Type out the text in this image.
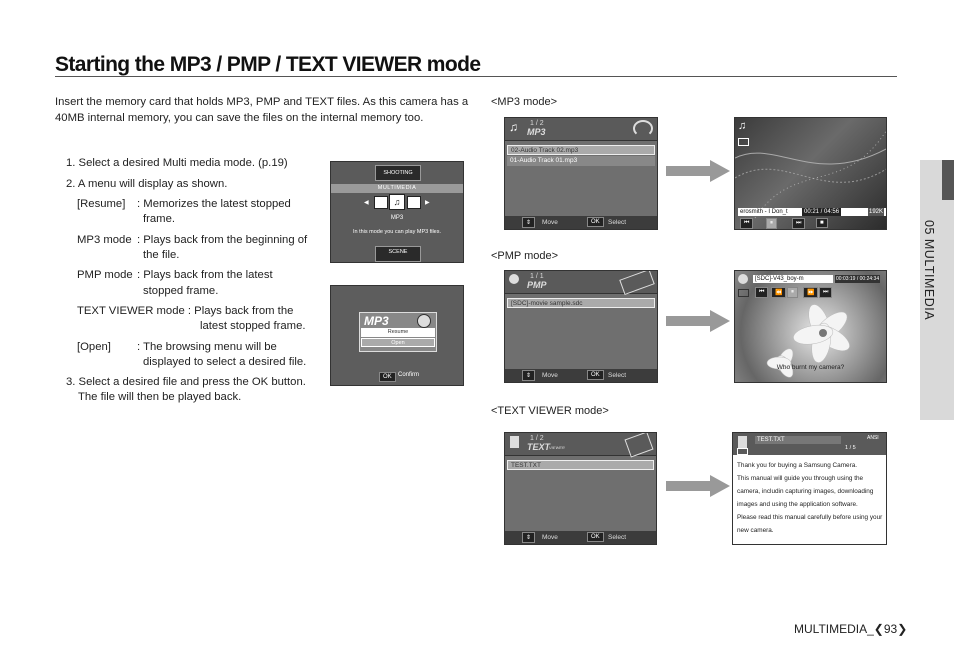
Starting the MP3 / PMP / TEXT VIEWER mode
Insert the memory card that holds MP3, PMP and TEXT files. As this camera has a 40MB internal memory, you can save the files on the internal memory too.
1. Select a desired Multi media mode. (p.19)
2. A menu will display as shown.
[Resume] : Memorizes the latest stopped
frame.
MP3 mode : Plays back from the beginning of
the file.
PMP mode : Plays back from the latest
stopped frame.
TEXT VIEWER mode : Plays back from the
latest stopped frame.
[Open] : The browsing menu will be
displayed to select a desired file.
3. Select a desired file and press the OK button.
The file will then be played back.
SHOOTING
MULTIMEDIA
◀	♫	▶
MP3
In this mode you can play MP3 files.
SCENE
MP3
Resume
Open
OK	Confirm
<MP3 mode>
<PMP mode>
<TEXT VIEWER mode>
♫ 1 / 2
MP3
02-Audio Track 02.mp3
01-Audio Track 01.mp3
⇕	Move	OK	Select
♫
erosmith - I Don_t	00:21 / 04:56	192K
⏮	⏸	⏭	■
1 / 1
PMP
[SDC]-movie sample.sdc
⇕	Move	OK	Select
[SDC]-V43_boy-m	00:03:19 / 00:24:34
⏮	⏪	⏸	⏩	⏭
Who burnt my camera?
1 / 2
TEXT
VIEWER
TEST.TXT
⇕	Move	OK	Select
TEST.TXT	ANSI
1 / 5
Thank you for buying a Samsung Camera.
This manual will guide you through using the
camera, includin capturing images, downloading
images and using the application software.
Please read this manual carefully before using your
new camera.
05 MULTIMEDIA
MULTIMEDIA_❮93❯
